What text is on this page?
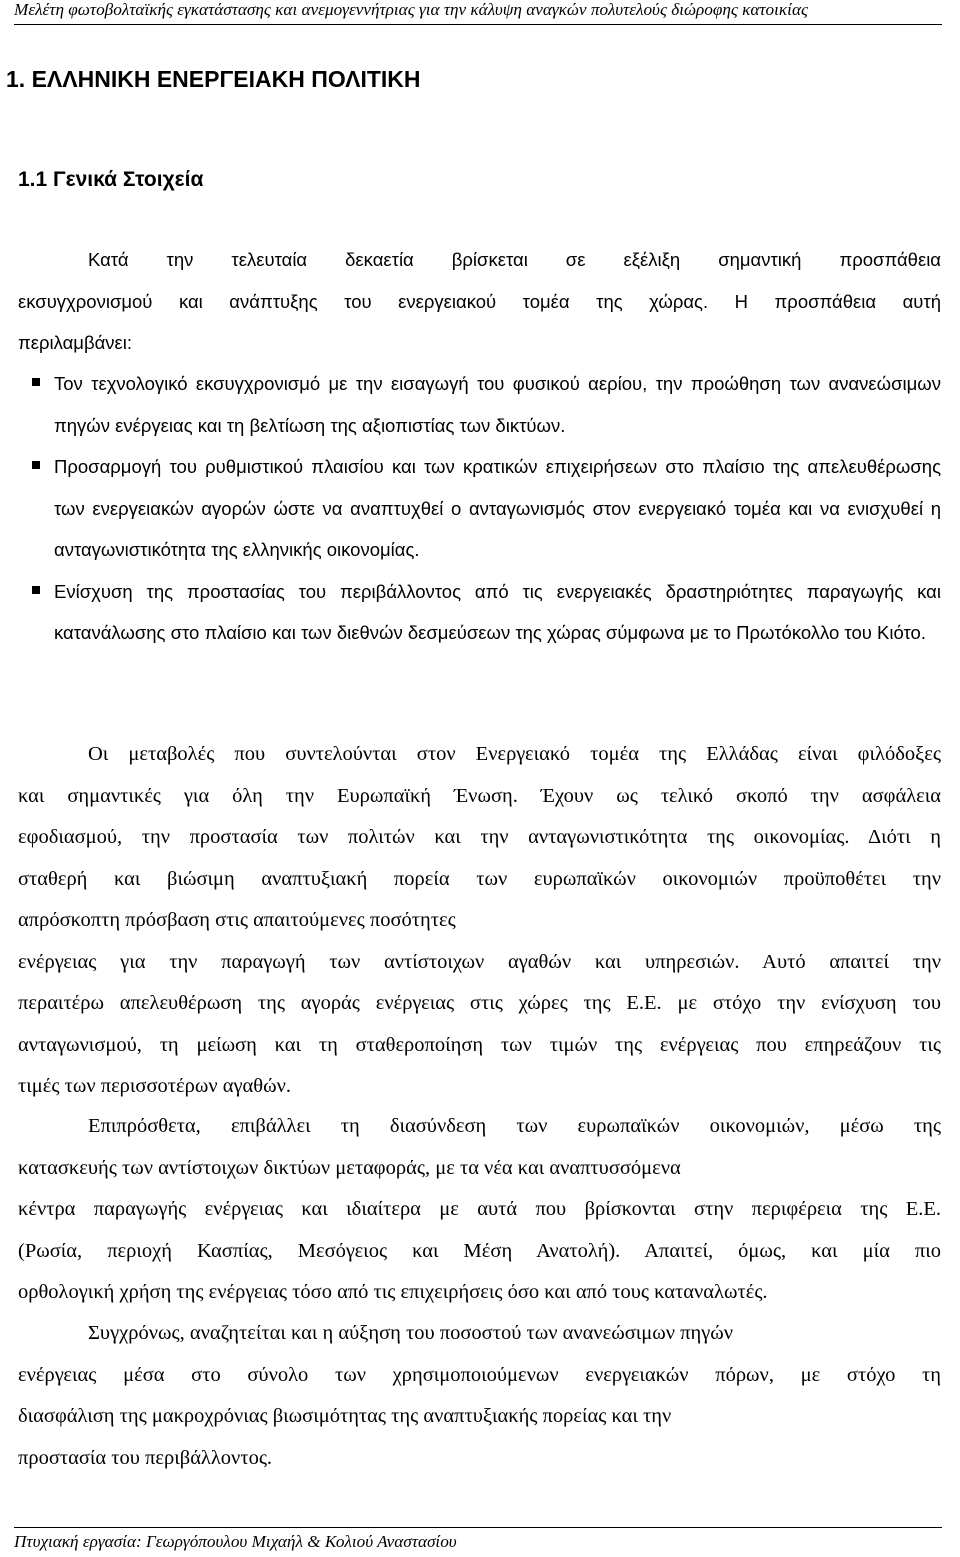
Μελέτη φωτοβολταϊκής εγκατάστασης και ανεμογεννήτριας για την κάλυψη αναγκών πολυτελούς διώροφης κατοικίας
1. ΕΛΛΗΝΙΚΗ ΕΝΕΡΓΕΙΑΚΗ ΠΟΛΙΤΙΚΗ
1.1 Γενικά Στοιχεία

Κατά την τελευταία δεκαετία βρίσκεται σε εξέλιξη σημαντική προσπάθεια
εκσυγχρονισμού και ανάπτυξης του ενεργειακού τομέα της χώρας. Η προσπάθεια αυτή
περιλαμβάνει:

Τον τεχνολογικό εκσυγχρονισμό με την εισαγωγή του φυσικού αερίου, την προώθηση των ανανεώσιμων πηγών ενέργειας και τη βελτίωση της αξιοπιστίας των δικτύων.
Προσαρμογή του ρυθμιστικού πλαισίου και των κρατικών επιχειρήσεων στο πλαίσιο της απελευθέρωσης των ενεργειακών αγορών ώστε να αναπτυχθεί ο ανταγωνισμός στον ενεργειακό τομέα και να ενισχυθεί η ανταγωνιστικότητα της ελληνικής οικονομίας.
Ενίσχυση της προστασίας του περιβάλλοντος από τις ενεργειακές δραστηριότητες παραγωγής και κατανάλωσης στο πλαίσιο και των διεθνών δεσμεύσεων της χώρας σύμφωνα με το Πρωτόκολλο του Κιότο.

Οι μεταβολές που συντελούνται στον Ενεργειακό τομέα της Ελλάδας είναι φιλόδοξες
και σημαντικές για όλη την Ευρωπαϊκή Ένωση. Έχουν ως τελικό σκοπό την ασφάλεια
εφοδιασμού, την προστασία των πολιτών και την ανταγωνιστικότητα της οικονομίας. Διότι η
σταθερή και βιώσιμη αναπτυξιακή πορεία των ευρωπαϊκών οικονομιών προϋποθέτει την
απρόσκοπτη πρόσβαση στις απαιτούμενες ποσότητες
ενέργειας για την παραγωγή των αντίστοιχων αγαθών και υπηρεσιών. Αυτό απαιτεί την
περαιτέρω απελευθέρωση της αγοράς ενέργειας στις χώρες της Ε.Ε. με στόχο την ενίσχυση του
ανταγωνισμού, τη μείωση και τη σταθεροποίηση των τιμών της ενέργειας που επηρεάζουν τις
τιμές των περισσοτέρων αγαθών.

Επιπρόσθετα, επιβάλλει τη διασύνδεση των ευρωπαϊκών οικονομιών, μέσω της
κατασκευής των αντίστοιχων δικτύων μεταφοράς, με τα νέα και αναπτυσσόμενα
κέντρα παραγωγής ενέργειας και ιδιαίτερα με αυτά που βρίσκονται στην περιφέρεια της Ε.Ε.
(Ρωσία, περιοχή Κασπίας, Μεσόγειος και Μέση Ανατολή). Απαιτεί, όμως, και μία πιο
ορθολογική χρήση της ενέργειας τόσο από τις επιχειρήσεις όσο και από τους καταναλωτές.

Συγχρόνως, αναζητείται και η αύξηση του ποσοστού των ανανεώσιμων πηγών
ενέργειας μέσα στο σύνολο των χρησιμοποιούμενων ενεργειακών πόρων, με στόχο τη
διασφάλιση της μακροχρόνιας βιωσιμότητας της αναπτυξιακής πορείας και την
προστασία του περιβάλλοντος.

Πτυχιακή εργασία: Γεωργόπουλου Μιχαήλ & Κολιού Αναστασίου
